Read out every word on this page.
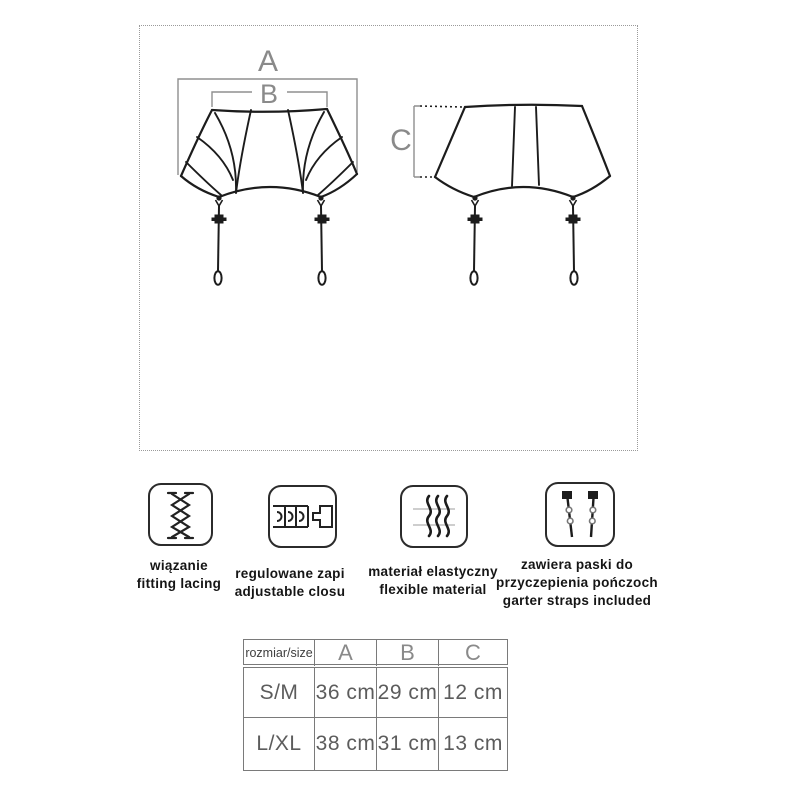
A
B
C
wiązanie
fitting lacing
regulowane zapi
adjustable closu
materiał elastyczny
flexible material
zawiera paski do
przyczepienia pończoch
garter straps included
rozmiar/size	A	B	C
S/M 36 cm 29 cm 12 cm
L/XL 38 cm 31 cm 13 cm
